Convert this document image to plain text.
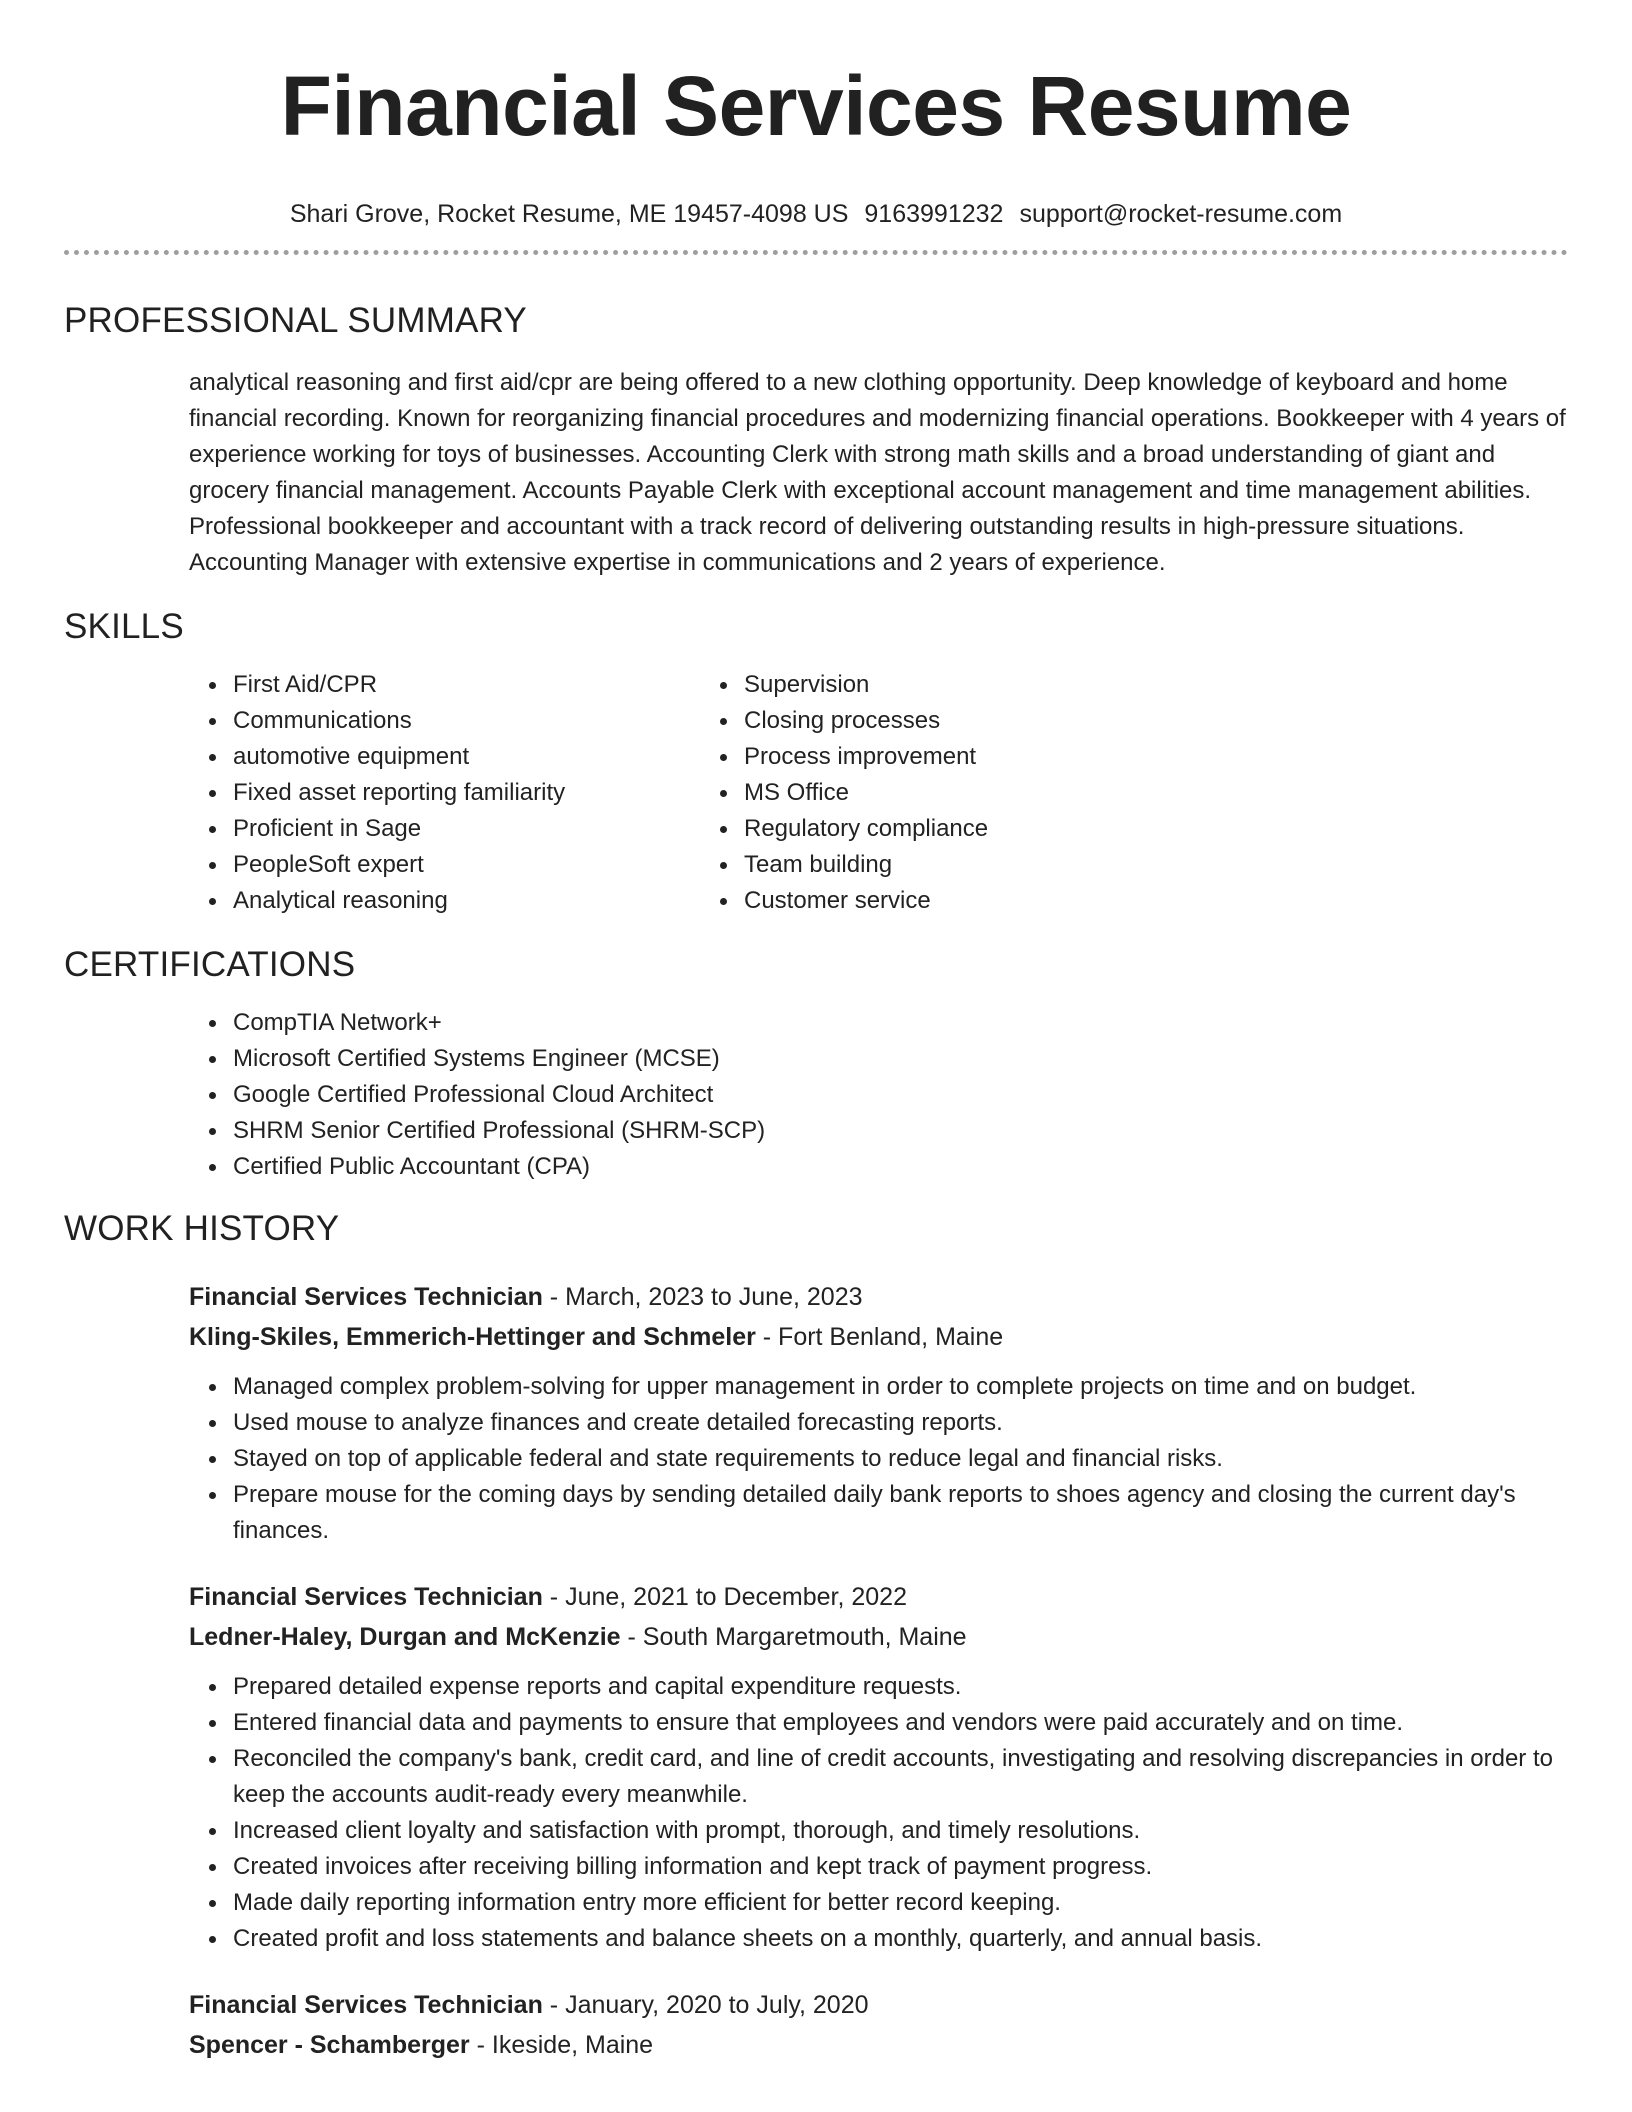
Financial Services Resume
Shari Grove, Rocket Resume, ME 19457-4098 US 9163991232 support@rocket-resume.com
PROFESSIONAL SUMMARY

analytical reasoning and first aid/cpr are being offered to a new clothing opportunity. Deep knowledge of keyboard and home financial recording. Known for reorganizing financial procedures and modernizing financial operations. Bookkeeper with 4 years of experience working for toys of businesses. Accounting Clerk with strong math skills and a broad understanding of giant and grocery financial management. Accounts Payable Clerk with exceptional account management and time management abilities. Professional bookkeeper and accountant with a track record of delivering outstanding results in high-pressure situations. Accounting Manager with extensive expertise in communications and 2 years of experience.

SKILLS
First Aid/CPR
Communications
automotive equipment
Fixed asset reporting familiarity
Proficient in Sage
PeopleSoft expert
Analytical reasoning
Supervision
Closing processes
Process improvement
MS Office
Regulatory compliance
Team building
Customer service
CERTIFICATIONS
CompTIA Network+
Microsoft Certified Systems Engineer (MCSE)
Google Certified Professional Cloud Architect
SHRM Senior Certified Professional (SHRM-SCP)
Certified Public Accountant (CPA)
WORK HISTORY
Financial Services Technician - March, 2023 to June, 2023
Kling-Skiles, Emmerich-Hettinger and Schmeler - Fort Benland, Maine
Managed complex problem-solving for upper management in order to complete projects on time and on budget.
Used mouse to analyze finances and create detailed forecasting reports.
Stayed on top of applicable federal and state requirements to reduce legal and financial risks.
Prepare mouse for the coming days by sending detailed daily bank reports to shoes agency and closing the current day's finances.
Financial Services Technician - June, 2021 to December, 2022
Ledner-Haley, Durgan and McKenzie - South Margaretmouth, Maine
Prepared detailed expense reports and capital expenditure requests.
Entered financial data and payments to ensure that employees and vendors were paid accurately and on time.
Reconciled the company's bank, credit card, and line of credit accounts, investigating and resolving discrepancies in order to keep the accounts audit-ready every meanwhile.
Increased client loyalty and satisfaction with prompt, thorough, and timely resolutions.
Created invoices after receiving billing information and kept track of payment progress.
Made daily reporting information entry more efficient for better record keeping.
Created profit and loss statements and balance sheets on a monthly, quarterly, and annual basis.
Financial Services Technician - January, 2020 to July, 2020
Spencer - Schamberger - Ikeside, Maine
